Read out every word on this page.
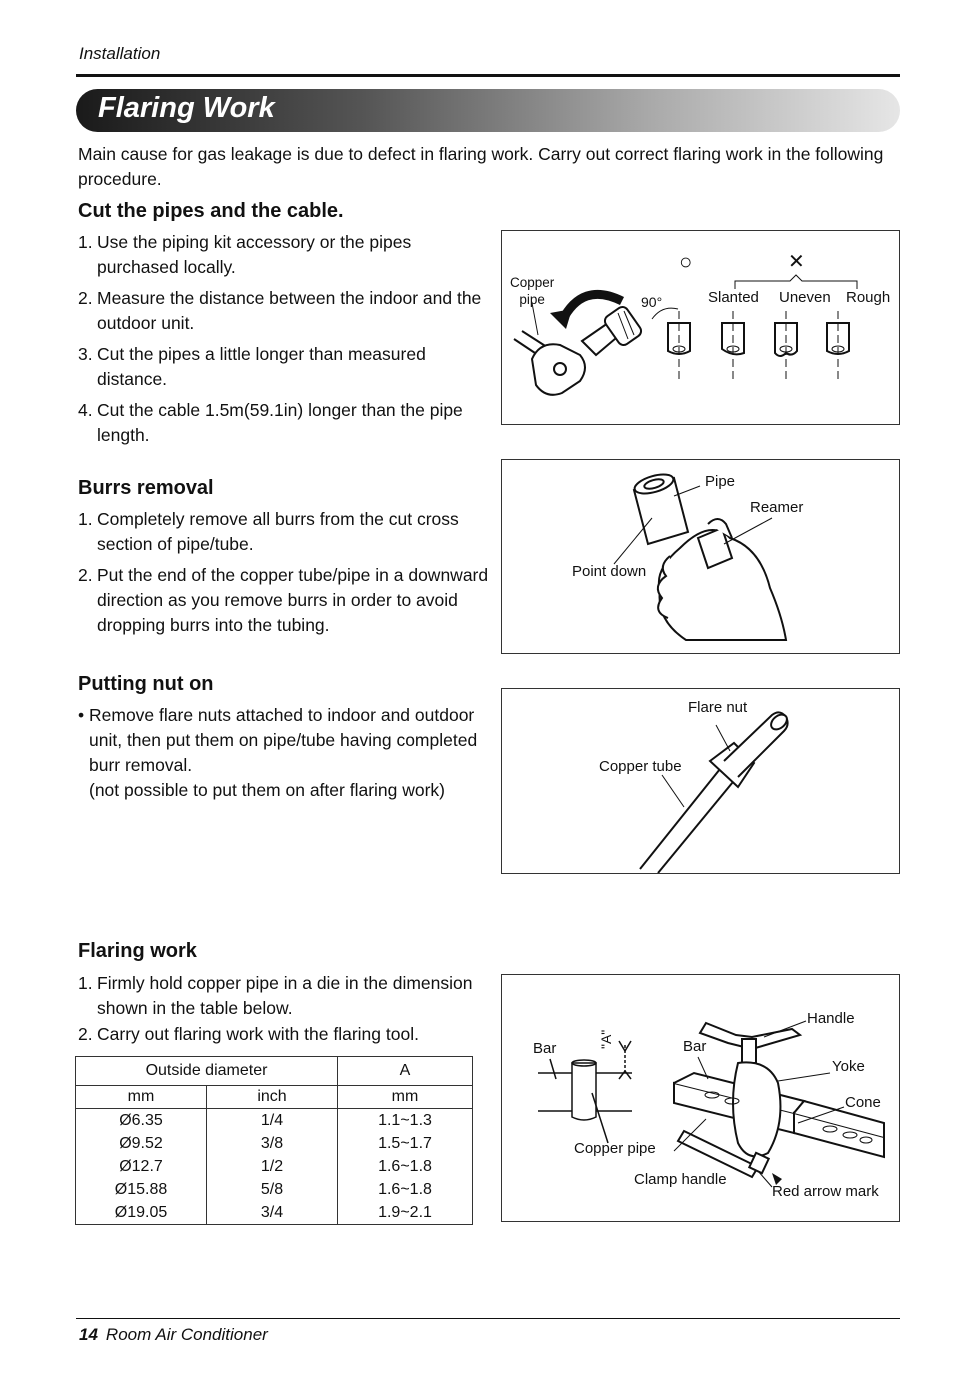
Installation
Flaring Work
Main cause for gas leakage is due to defect in flaring work. Carry out correct flaring work in the following procedure.
Cut the pipes and the cable.
1. Use the piping kit accessory or the pipes purchased locally.
2. Measure the distance between the indoor and the outdoor unit.
3. Cut the pipes a little longer than measured distance.
4. Cut the cable 1.5m(59.1in) longer than the pipe length.
○	✕
Copper
pipe	90°	Slanted Uneven Rough
Burrs removal
1. Completely remove all burrs from the cut cross section of pipe/tube.
2. Put the end of the copper tube/pipe in a downward direction as you remove burrs in order to avoid dropping burrs into the tubing.
Pipe
Reamer
Point down
Putting nut on
• Remove flare nuts attached to indoor and outdoor unit, then put them on pipe/tube having completed burr removal.
(not possible to put them on after flaring work)
Flare nut
Copper tube
Flaring work
1. Firmly hold copper pipe in a die in the dimension shown in the table below.
2. Carry out flaring work with the flaring tool.
Outside diameter		A
mm	inch	mm
Ø6.35	1/4	1.1~1.3
Ø9.52	3/8	1.5~1.7
Ø12.7	1/2	1.6~1.8
Ø15.88	5/8	1.6~1.8
Ø19.05	3/4	1.9~2.1
Bar	"A"	Bar
Handle
Yoke
Cone
Copper pipe
Clamp handle
Red arrow mark
14 Room Air Conditioner
